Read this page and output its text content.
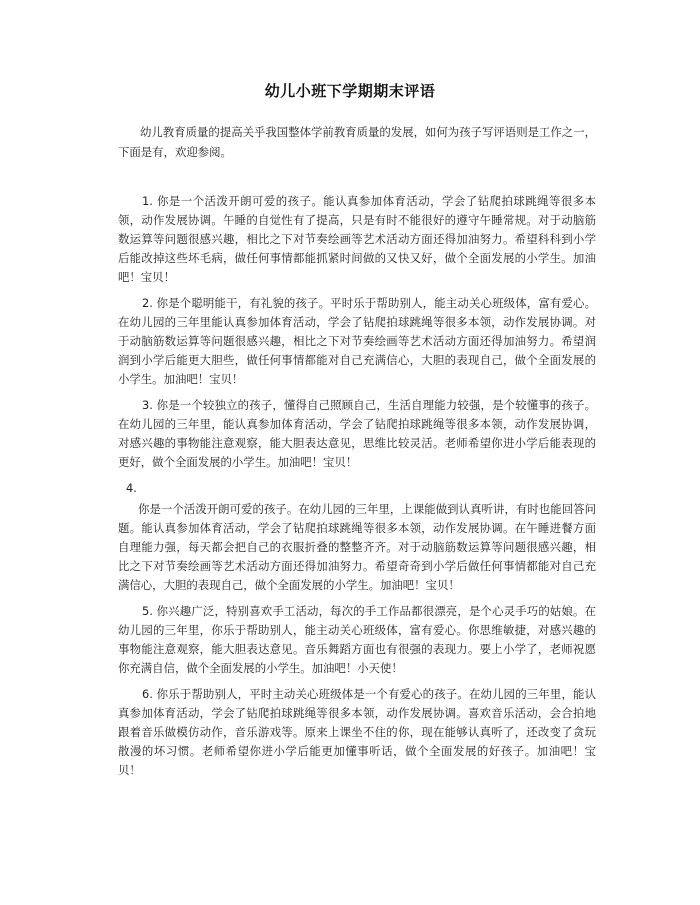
幼儿小班下学期期末评语
幼儿教育质量的提高关乎我国整体学前教育质量的发展，如何为孩子写评语则是工作之一，下面是有，欢迎参阅。
1. 你是一个活泼开朗可爱的孩子。能认真参加体育活动，学会了钻爬拍球跳绳等很多本领，动作发展协调。午睡的自觉性有了提高，只是有时不能很好的遵守午睡常规。对于动脑筋数运算等问题很感兴趣，相比之下对节奏绘画等艺术活动方面还得加油努力。希望科科到小学后能改掉这些坏毛病，做任何事情都能抓紧时间做的又快又好，做个全面发展的小学生。加油吧！宝贝！
2. 你是个聪明能干，有礼貌的孩子。平时乐于帮助别人，能主动关心班级体，富有爱心。在幼儿园的三年里能认真参加体育活动，学会了钻爬拍球跳绳等很多本领，动作发展协调。对于动脑筋数运算等问题很感兴趣，相比之下对节奏绘画等艺术活动方面还得加油努力。希望润润到小学后能更大胆些，做任何事情都能对自己充满信心，大胆的表现自己，做个全面发展的小学生。加油吧！宝贝！
3. 你是一个较独立的孩子，懂得自己照顾自己，生活自理能力较强，是个较懂事的孩子。在幼儿园的三年里，能认真参加体育活动，学会了钻爬拍球跳绳等很多本领，动作发展协调，对感兴趣的事物能注意观察，能大胆表达意见，思维比较灵活。老师希望你进小学后能表现的更好，做个全面发展的小学生。加油吧！宝贝！
4.
你是一个活泼开朗可爱的孩子。在幼儿园的三年里，上课能做到认真听讲，有时也能回答问题。能认真参加体育活动，学会了钻爬拍球跳绳等很多本领，动作发展协调。在午睡进餐方面自理能力强，每天都会把自己的衣服折叠的整整齐齐。对于动脑筋数运算等问题很感兴趣，相比之下对节奏绘画等艺术活动方面还得加油努力。希望奇奇到小学后做任何事情都能对自己充满信心，大胆的表现自己，做个全面发展的小学生。加油吧！宝贝！
5. 你兴趣广泛，特别喜欢手工活动，每次的手工作品都很漂亮，是个心灵手巧的姑娘。在幼儿园的三年里，你乐于帮助别人，能主动关心班级体，富有爱心。你思维敏捷，对感兴趣的事物能注意观察，能大胆表达意见。音乐舞蹈方面也有很强的表现力。要上小学了，老师祝愿你充满自信，做个全面发展的小学生。加油吧！小天使！
6. 你乐于帮助别人，平时主动关心班级体是一个有爱心的孩子。在幼儿园的三年里，能认真参加体育活动，学会了钻爬拍球跳绳等很多本领，动作发展协调。喜欢音乐活动，会合拍地跟着音乐做模仿动作，音乐游戏等。原来上课坐不住的你，现在能够认真听了，还改变了贪玩散漫的坏习惯。老师希望你进小学后能更加懂事听话，做个全面发展的好孩子。加油吧！宝贝！
